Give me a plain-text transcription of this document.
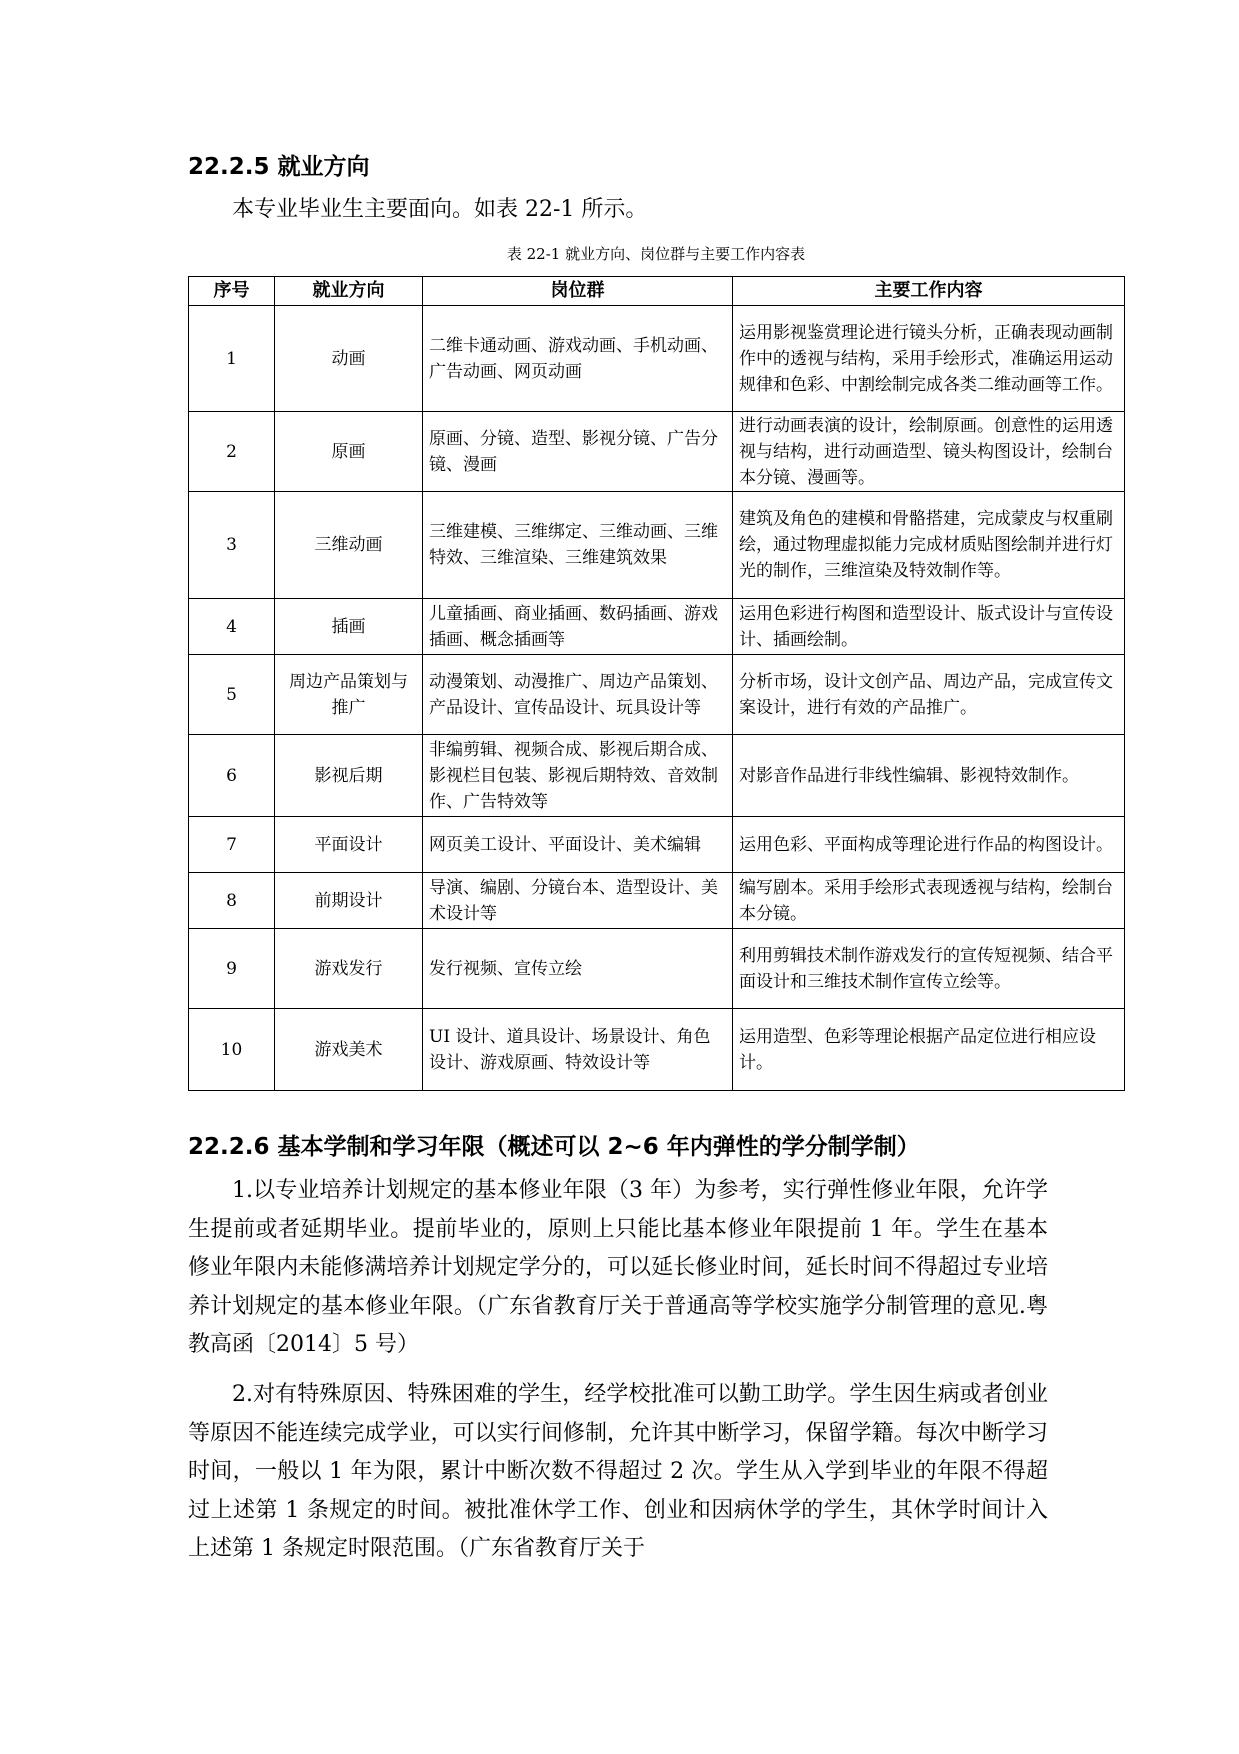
22.2.5 就业方向
本专业毕业生主要面向。如表 22-1 所示。
表 22-1 就业方向、岗位群与主要工作内容表
序号	就业方向	岗位群	主要工作内容
1	动画	二维卡通动画、游戏动画、手机动画、广告动画、网页动画	运用影视鉴赏理论进行镜头分析，正确表现动画制作中的透视与结构，采用手绘形式，准确运用运动规律和色彩、中割绘制完成各类二维动画等工作。
2	原画	原画、分镜、造型、影视分镜、广告分镜、漫画	进行动画表演的设计，绘制原画。创意性的运用透视与结构，进行动画造型、镜头构图设计，绘制台本分镜、漫画等。
3	三维动画	三维建模、三维绑定、三维动画、三维特效、三维渲染、三维建筑效果	建筑及角色的建模和骨骼搭建，完成蒙皮与权重刷绘，通过物理虚拟能力完成材质贴图绘制并进行灯光的制作，三维渲染及特效制作等。
4	插画	儿童插画、商业插画、数码插画、游戏插画、概念插画等	运用色彩进行构图和造型设计、版式设计与宣传设计、插画绘制。
5	周边产品策划与推广	动漫策划、动漫推广、周边产品策划、产品设计、宣传品设计、玩具设计等	分析市场，设计文创产品、周边产品，完成宣传文案设计，进行有效的产品推广。
6	影视后期	非编剪辑、视频合成、影视后期合成、影视栏目包装、影视后期特效、音效制作、广告特效等	对影音作品进行非线性编辑、影视特效制作。
7	平面设计	网页美工设计、平面设计、美术编辑	运用色彩、平面构成等理论进行作品的构图设计。
8	前期设计	导演、编剧、分镜台本、造型设计、美术设计等	编写剧本。采用手绘形式表现透视与结构，绘制台本分镜。
9	游戏发行	发行视频、宣传立绘	利用剪辑技术制作游戏发行的宣传短视频、结合平面设计和三维技术制作宣传立绘等。
10	游戏美术	UI 设计、道具设计、场景设计、角色设计、游戏原画、特效设计等	运用造型、色彩等理论根据产品定位进行相应设计。
22.2.6 基本学制和学习年限（概述可以 2~6 年内弹性的学分制学制）
1.以专业培养计划规定的基本修业年限（3 年）为参考，实行弹性修业年限，允许学生提前或者延期毕业。提前毕业的，原则上只能比基本修业年限提前 1 年。学生在基本修业年限内未能修满培养计划规定学分的，可以延长修业时间，延长时间不得超过专业培养计划规定的基本修业年限。（广东省教育厅关于普通高等学校实施学分制管理的意见.粤教高函〔2014〕5 号）
2.对有特殊原因、特殊困难的学生，经学校批准可以勤工助学。学生因生病或者创业等原因不能连续完成学业，可以实行间修制，允许其中断学习，保留学籍。每次中断学习时间，一般以 1 年为限，累计中断次数不得超过 2 次。学生从入学到毕业的年限不得超过上述第 1 条规定的时间。被批准休学工作、创业和因病休学的学生，其休学时间计入上述第 1 条规定时限范围。（广东省教育厅关于
